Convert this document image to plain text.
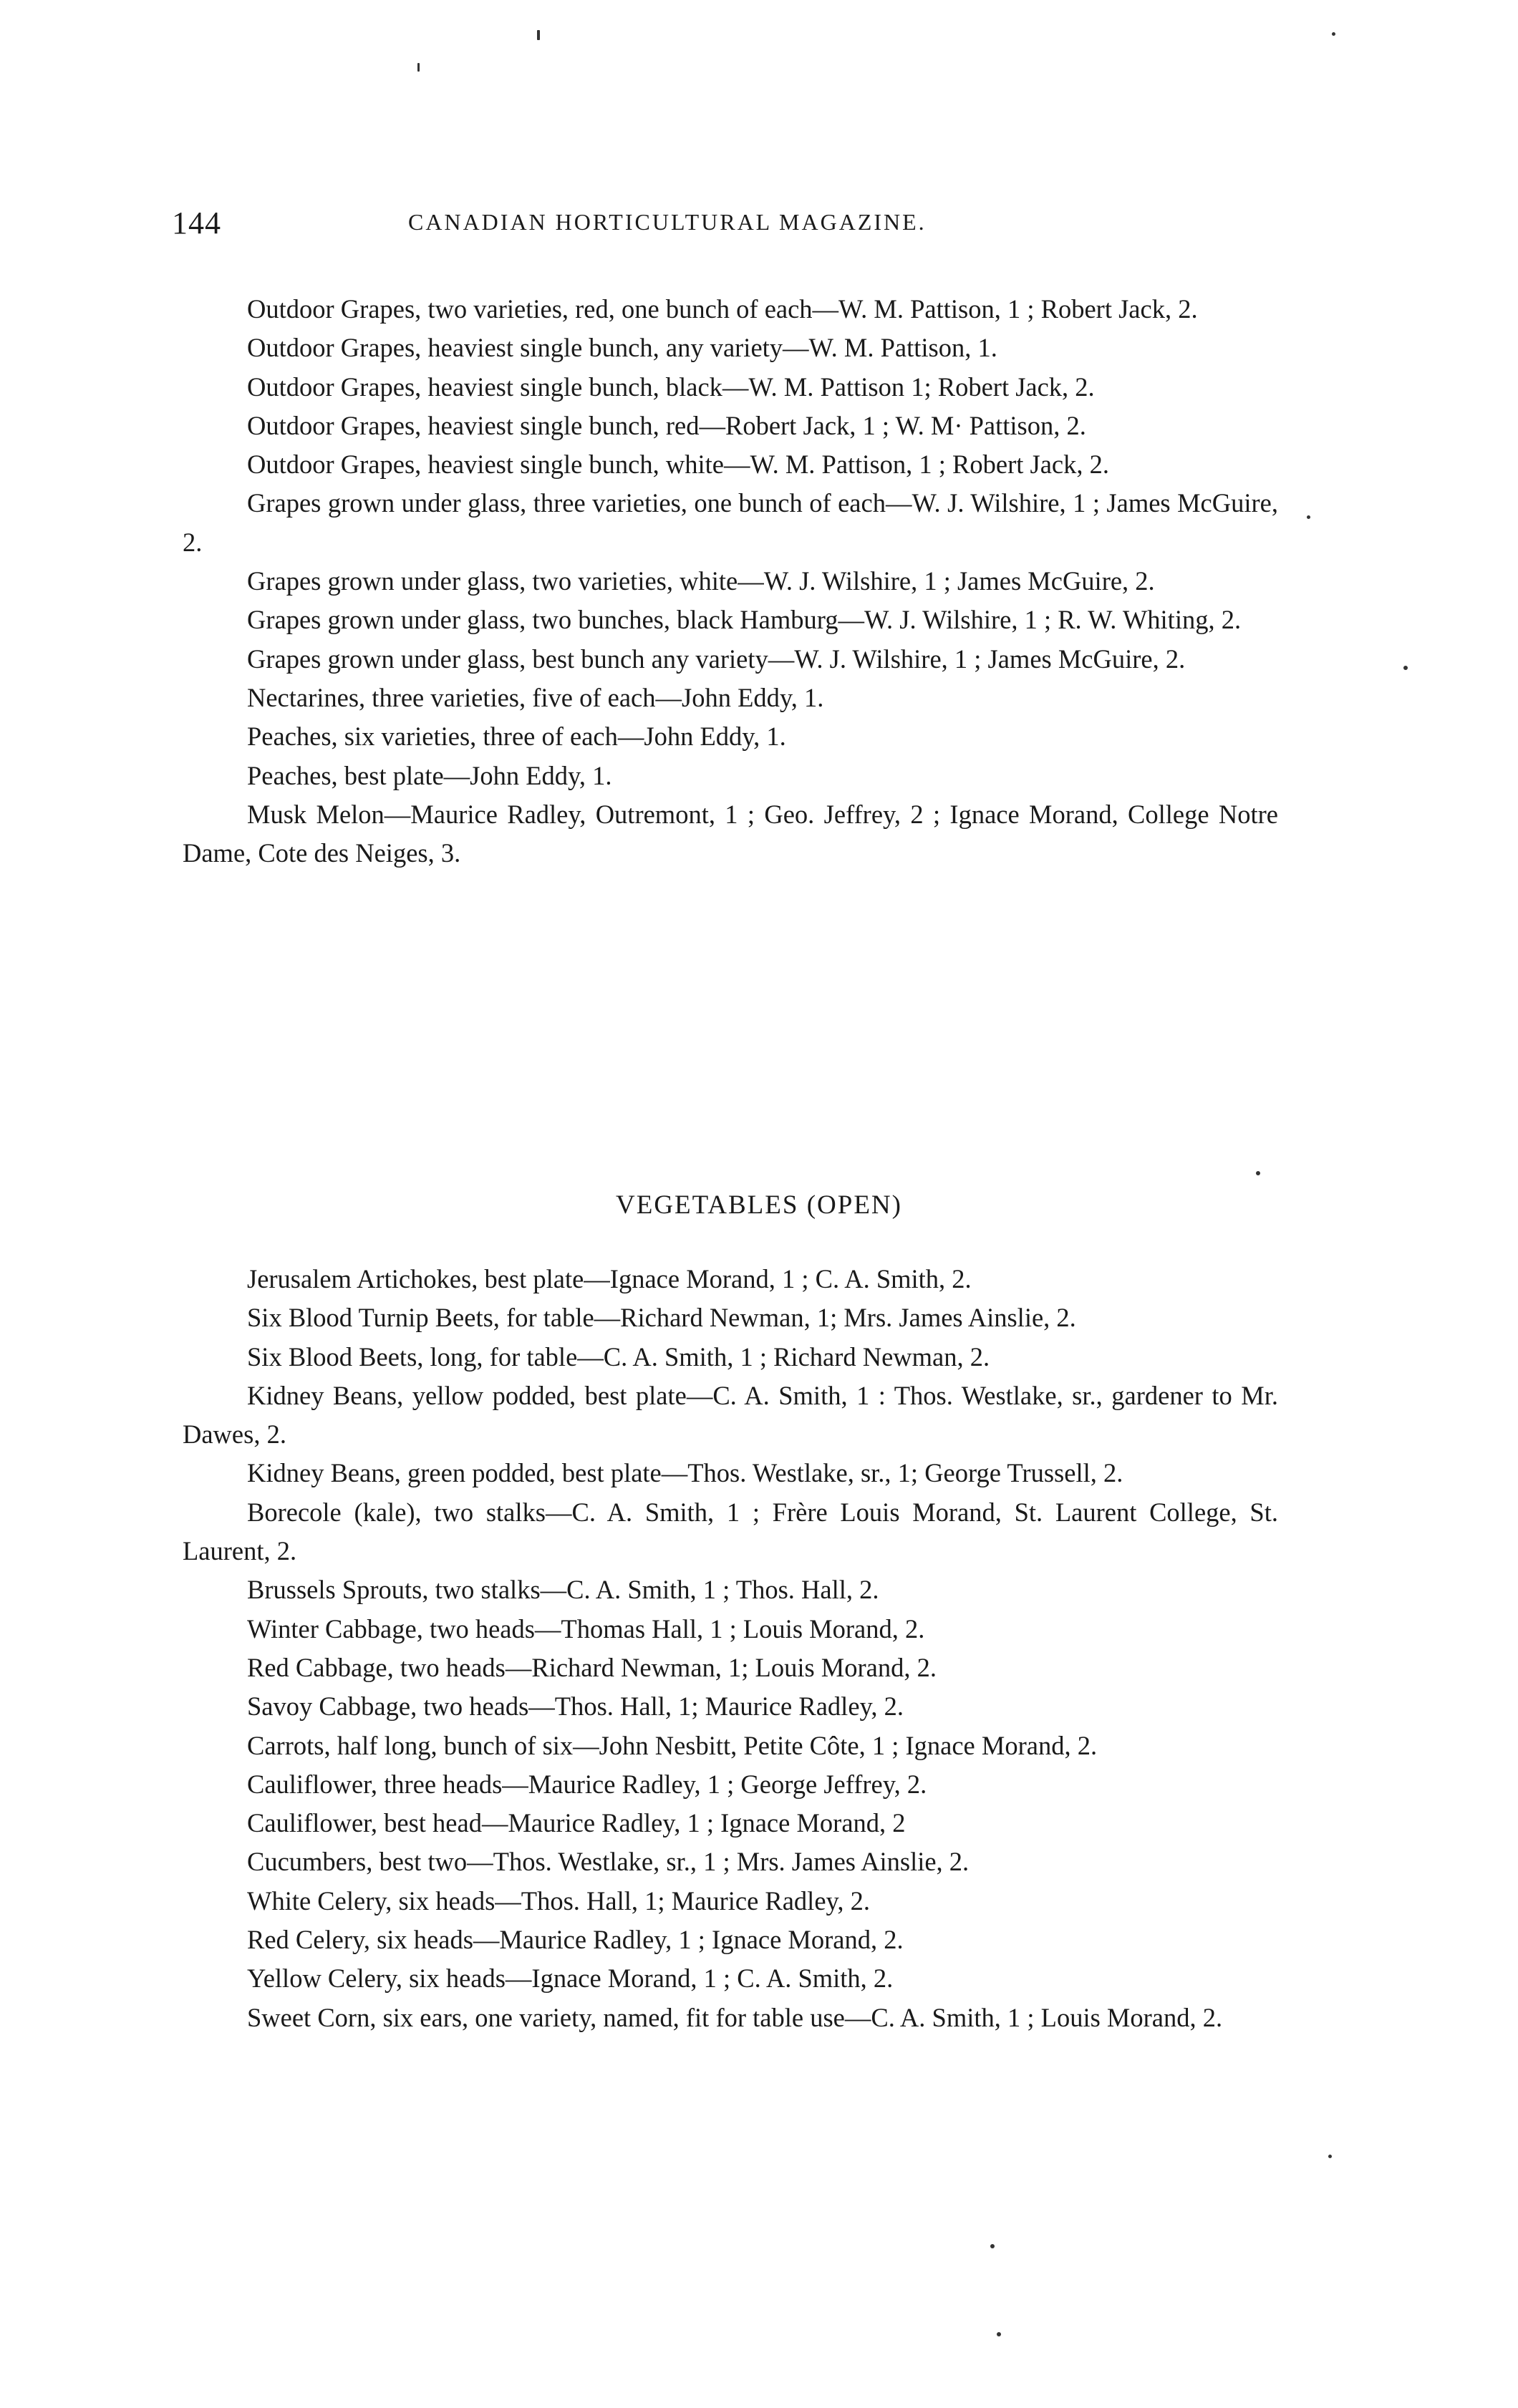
144	CANADIAN HORTICULTURAL MAGAZINE.

Outdoor Grapes, two varieties, red, one bunch of each—W. M. Pattison, 1 ; Robert Jack, 2.

Outdoor Grapes, heaviest single bunch, any variety—W. M. Pattison, 1.

Outdoor Grapes, heaviest single bunch, black—W. M. Pattison 1; Robert Jack, 2.

Outdoor Grapes, heaviest single bunch, red—Robert Jack, 1 ; W. M· Pattison, 2.

Outdoor Grapes, heaviest single bunch, white—W. M. Pattison, 1 ; Robert Jack, 2.

Grapes grown under glass, three varieties, one bunch of each—W. J. Wilshire, 1 ; James McGuire, 2.

Grapes grown under glass, two varieties, white—W. J. Wilshire, 1 ; James McGuire, 2.

Grapes grown under glass, two bunches, black Hamburg—W. J. Wilshire, 1 ; R. W. Whiting, 2.

Grapes grown under glass, best bunch any variety—W. J. Wilshire, 1 ; James McGuire, 2.

Nectarines, three varieties, five of each—John Eddy, 1.

Peaches, six varieties, three of each—John Eddy, 1.

Peaches, best plate—John Eddy, 1.

Musk Melon—Maurice Radley, Outremont, 1 ; Geo. Jeffrey, 2 ; Ignace Morand, College Notre Dame, Cote des Neiges, 3.

VEGETABLES (OPEN)

Jerusalem Artichokes, best plate—Ignace Morand, 1 ; C. A. Smith, 2.

Six Blood Turnip Beets, for table—Richard Newman, 1; Mrs. James Ainslie, 2.

Six Blood Beets, long, for table—C. A. Smith, 1 ; Richard Newman, 2.

Kidney Beans, yellow podded, best plate—C. A. Smith, 1 : Thos. Westlake, sr., gardener to Mr. Dawes, 2.

Kidney Beans, green podded, best plate—Thos. Westlake, sr., 1; George Trussell, 2.

Borecole (kale), two stalks—C. A. Smith, 1 ; Frère Louis Morand, St. Laurent College, St. Laurent, 2.

Brussels Sprouts, two stalks—C. A. Smith, 1 ; Thos. Hall, 2.

Winter Cabbage, two heads—Thomas Hall, 1 ; Louis Morand, 2.

Red Cabbage, two heads—Richard Newman, 1; Louis Morand, 2.

Savoy Cabbage, two heads—Thos. Hall, 1; Maurice Radley, 2.

Carrots, half long, bunch of six—John Nesbitt, Petite Côte, 1 ; Ignace Morand, 2.

Cauliflower, three heads—Maurice Radley, 1 ; George Jeffrey, 2.

Cauliflower, best head—Maurice Radley, 1 ; Ignace Morand, 2

Cucumbers, best two—Thos. Westlake, sr., 1 ; Mrs. James Ainslie, 2.

White Celery, six heads—Thos. Hall, 1; Maurice Radley, 2.

Red Celery, six heads—Maurice Radley, 1 ; Ignace Morand, 2.

Yellow Celery, six heads—Ignace Morand, 1 ; C. A. Smith, 2.

Sweet Corn, six ears, one variety, named, fit for table use—C. A. Smith, 1 ; Louis Morand, 2.
